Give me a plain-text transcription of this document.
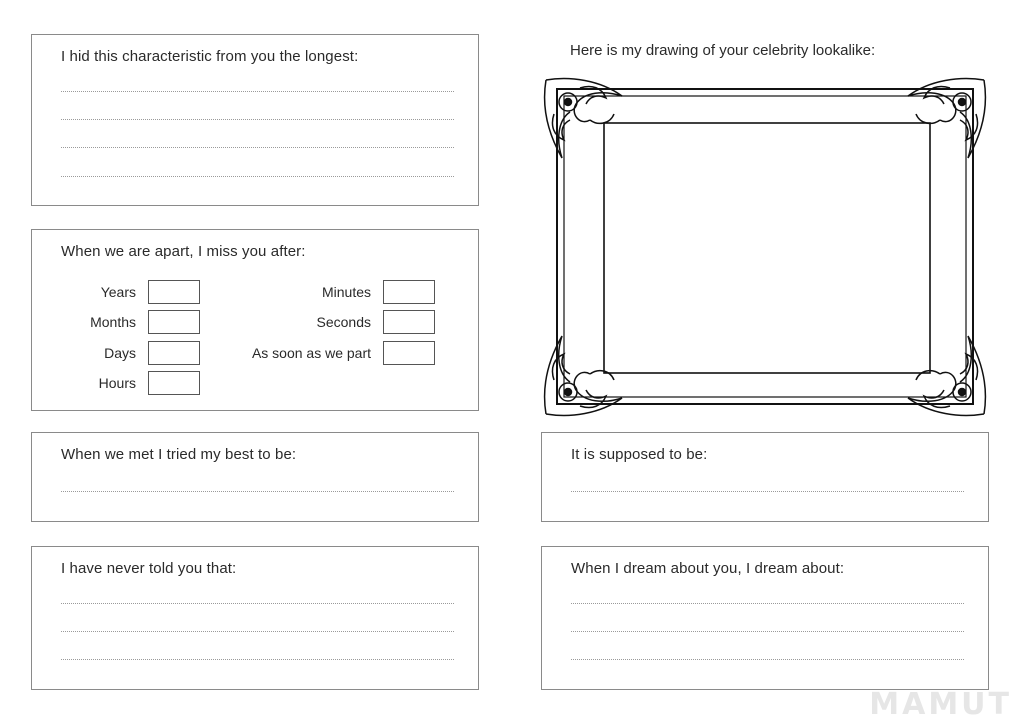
I hid this characteristic from you the longest:
When we are apart, I miss you after:
Years
Months
Days
Hours
Minutes
Seconds
As soon as we part
When we met I tried my best to be:
I have never told you that:
Here is my drawing of your celebrity lookalike:
It is supposed to be:
When I dream about you, I dream about:
MAMUT
